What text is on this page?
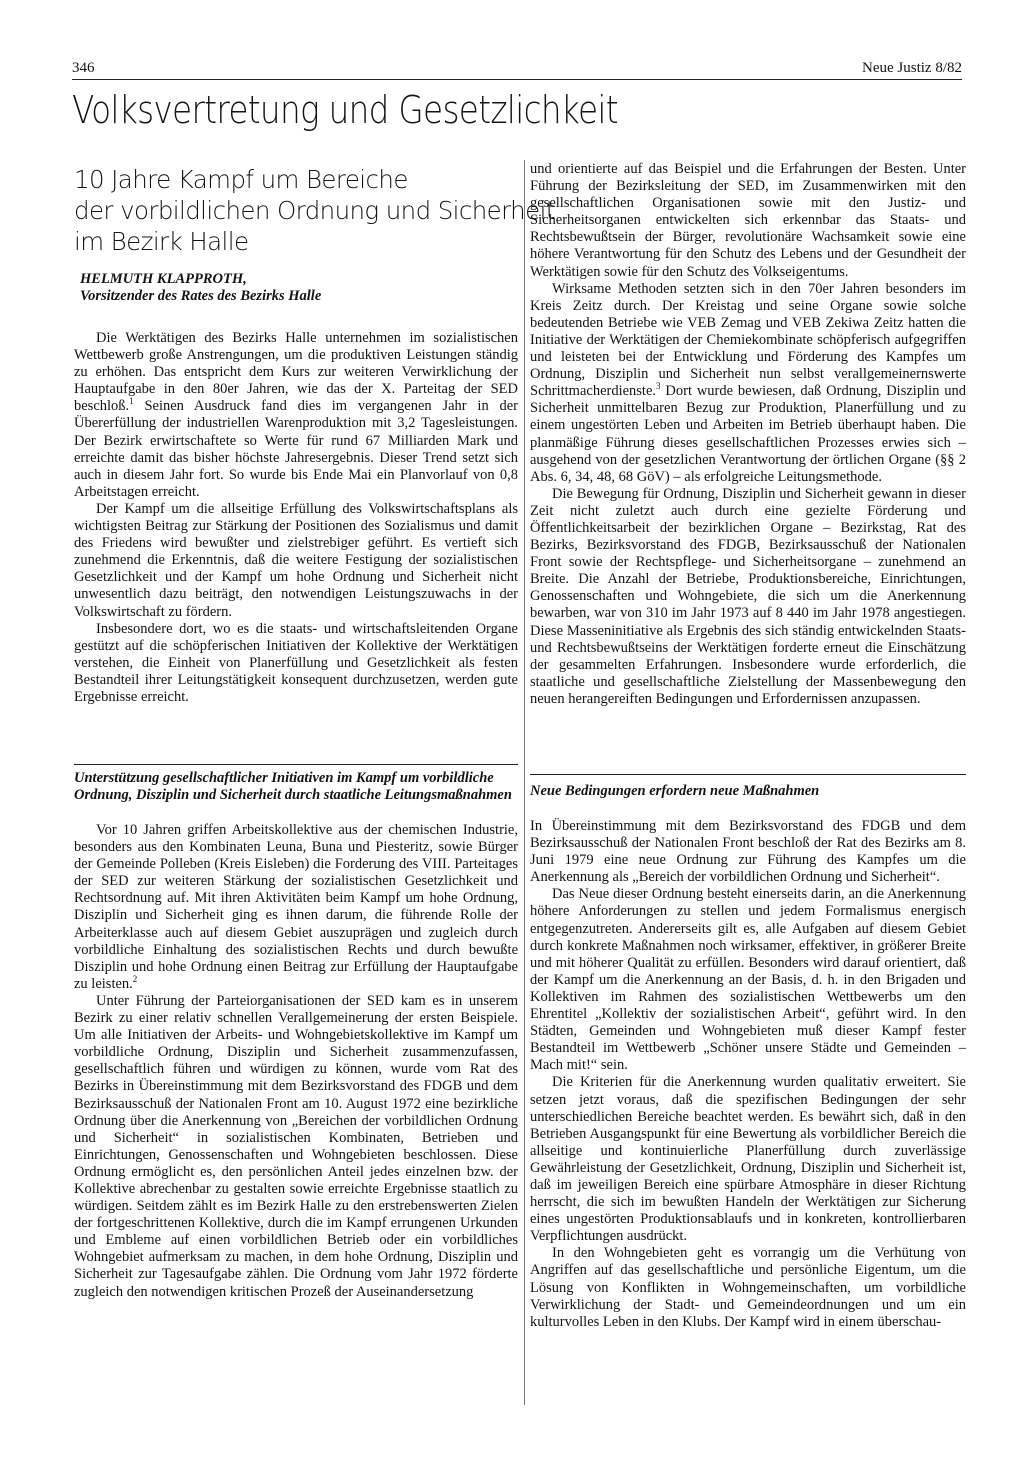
346	Neue Justiz 8/82
Volksvertretung und Gesetzlichkeit
10 Jahre Kampf um Bereiche
der vorbildlichen Ordnung und Sicherheit
im Bezirk Halle
HELMUTH KLAPPROTH,
Vorsitzender des Rates des Bezirks Halle

Die Werktätigen des Bezirks Halle unternehmen im sozialistischen Wettbewerb große Anstrengungen, um die produktiven Leistungen ständig zu erhöhen. Das entspricht dem Kurs zur weiteren Verwirklichung der Hauptaufgabe in den 80er Jahren, wie das der X. Parteitag der SED beschloß.$^1$ Seinen Ausdruck fand dies im vergangenen Jahr in der Übererfüllung der industriellen Warenproduktion mit 3,2 Tagesleistungen. Der Bezirk erwirtschaftete so Werte für rund 67 Milliarden Mark und erreichte damit das bisher höchste Jahresergebnis. Dieser Trend setzt sich auch in diesem Jahr fort. So wurde bis Ende Mai ein Planvorlauf von 0,8 Arbeitstagen erreicht.

Der Kampf um die allseitige Erfüllung des Volkswirtschaftsplans als wichtigsten Beitrag zur Stärkung der Positionen des Sozialismus und damit des Friedens wird bewußter und zielstrebiger geführt. Es vertieft sich zunehmend die Erkenntnis, daß die weitere Festigung der sozialistischen Gesetzlichkeit und der Kampf um hohe Ordnung und Sicherheit nicht unwesentlich dazu beiträgt, den notwendigen Leistungszuwachs in der Volkswirtschaft zu fördern.

Insbesondere dort, wo es die staats- und wirtschaftsleitenden Organe gestützt auf die schöpferischen Initiativen der Kollektive der Werktätigen verstehen, die Einheit von Planerfüllung und Gesetzlichkeit als festen Bestandteil ihrer Leitungstätigkeit konsequent durchzusetzen, werden gute Ergebnisse erreicht.

Unterstützung gesellschaftlicher Initiativen im Kampf um vorbildliche Ordnung, Disziplin und Sicherheit durch staatliche Leitungsmaßnahmen

Vor 10 Jahren griffen Arbeitskollektive aus der chemischen Industrie, besonders aus den Kombinaten Leuna, Buna und Piesteritz, sowie Bürger der Gemeinde Polleben (Kreis Eisleben) die Forderung des VIII. Parteitages der SED zur weiteren Stärkung der sozialistischen Gesetzlichkeit und Rechtsordnung auf. Mit ihren Aktivitäten beim Kampf um hohe Ordnung, Disziplin und Sicherheit ging es ihnen darum, die führende Rolle der Arbeiterklasse auch auf diesem Gebiet auszuprägen und zugleich durch vorbildliche Einhaltung des sozialistischen Rechts und durch bewußte Disziplin und hohe Ordnung einen Beitrag zur Erfüllung der Hauptaufgabe zu leisten.$^2$

Unter Führung der Parteiorganisationen der SED kam es in unserem Bezirk zu einer relativ schnellen Verallgemeinerung der ersten Beispiele. Um alle Initiativen der Arbeits- und Wohngebietskollektive im Kampf um vorbildliche Ordnung, Disziplin und Sicherheit zusammenzufassen, gesellschaftlich führen und würdigen zu können, wurde vom Rat des Bezirks in Übereinstimmung mit dem Bezirksvorstand des FDGB und dem Bezirksausschuß der Nationalen Front am 10. August 1972 eine bezirkliche Ordnung über die Anerkennung von „Bereichen der vorbildlichen Ordnung und Sicherheit“ in sozialistischen Kombinaten, Betrieben und Einrichtungen, Genossenschaften und Wohngebieten beschlossen. Diese Ordnung ermöglicht es, den persönlichen Anteil jedes einzelnen bzw. der Kollektive abrechenbar zu gestalten sowie erreichte Ergebnisse staatlich zu würdigen. Seitdem zählt es im Bezirk Halle zu den erstrebenswerten Zielen der fortgeschrittenen Kollektive, durch die im Kampf errungenen Urkunden und Embleme auf einen vorbildlichen Betrieb oder ein vorbildliches Wohngebiet aufmerksam zu machen, in dem hohe Ordnung, Disziplin und Sicherheit zur Tagesaufgabe zählen. Die Ordnung vom Jahr 1972 förderte zugleich den notwendigen kritischen Prozeß der Auseinandersetzung

und orientierte auf das Beispiel und die Erfahrungen der Besten. Unter Führung der Bezirksleitung der SED, im Zusammenwirken mit den gesellschaftlichen Organisationen sowie mit den Justiz- und Sicherheitsorganen entwickelten sich erkennbar das Staats- und Rechtsbewußtsein der Bürger, revolutionäre Wachsamkeit sowie eine höhere Verantwortung für den Schutz des Lebens und der Gesundheit der Werktätigen sowie für den Schutz des Volkseigentums.

Wirksame Methoden setzten sich in den 70er Jahren besonders im Kreis Zeitz durch. Der Kreistag und seine Organe sowie solche bedeutenden Betriebe wie VEB Zemag und VEB Zekiwa Zeitz hatten die Initiative der Werktätigen der Chemiekombinate schöpferisch aufgegriffen und leisteten bei der Entwicklung und Förderung des Kampfes um Ordnung, Disziplin und Sicherheit nun selbst verallgemeinernswerte Schrittmacherdienste.$^3$ Dort wurde bewiesen, daß Ordnung, Disziplin und Sicherheit unmittelbaren Bezug zur Produktion, Planerfüllung und zu einem ungestörten Leben und Arbeiten im Betrieb überhaupt haben. Die planmäßige Führung dieses gesellschaftlichen Prozesses erwies sich – ausgehend von der gesetzlichen Verantwortung der örtlichen Organe (§§ 2 Abs. 6, 34, 48, 68 GöV) – als erfolgreiche Leitungsmethode.

Die Bewegung für Ordnung, Disziplin und Sicherheit gewann in dieser Zeit nicht zuletzt auch durch eine gezielte Förderung und Öffentlichkeitsarbeit der bezirklichen Organe – Bezirkstag, Rat des Bezirks, Bezirksvorstand des FDGB, Bezirksausschuß der Nationalen Front sowie der Rechtspflege- und Sicherheitsorgane – zunehmend an Breite. Die Anzahl der Betriebe, Produktionsbereiche, Einrichtungen, Genossenschaften und Wohngebiete, die sich um die Anerkennung bewarben, war von 310 im Jahr 1973 auf 8 440 im Jahr 1978 angestiegen. Diese Masseninitiative als Ergebnis des sich ständig entwickelnden Staats- und Rechtsbewußtseins der Werktätigen forderte erneut die Einschätzung der gesammelten Erfahrungen. Insbesondere wurde erforderlich, die staatliche und gesellschaftliche Zielstellung der Massenbewegung den neuen herangereiften Bedingungen und Erfordernissen anzupassen.

Neue Bedingungen erfordern neue Maßnahmen

In Übereinstimmung mit dem Bezirksvorstand des FDGB und dem Bezirksausschuß der Nationalen Front beschloß der Rat des Bezirks am 8. Juni 1979 eine neue Ordnung zur Führung des Kampfes um die Anerkennung als „Bereich der vorbildlichen Ordnung und Sicherheit“.

Das Neue dieser Ordnung besteht einerseits darin, an die Anerkennung höhere Anforderungen zu stellen und jedem Formalismus energisch entgegenzutreten. Andererseits gilt es, alle Aufgaben auf diesem Gebiet durch konkrete Maßnahmen noch wirksamer, effektiver, in größerer Breite und mit höherer Qualität zu erfüllen. Besonders wird darauf orientiert, daß der Kampf um die Anerkennung an der Basis, d. h. in den Brigaden und Kollektiven im Rahmen des sozialistischen Wettbewerbs um den Ehrentitel „Kollektiv der sozialistischen Arbeit“, geführt wird. In den Städten, Gemeinden und Wohngebieten muß dieser Kampf fester Bestandteil im Wettbewerb „Schöner unsere Städte und Gemeinden – Mach mit!“ sein.

Die Kriterien für die Anerkennung wurden qualitativ erweitert. Sie setzen jetzt voraus, daß die spezifischen Bedingungen der sehr unterschiedlichen Bereiche beachtet werden. Es bewährt sich, daß in den Betrieben Ausgangspunkt für eine Bewertung als vorbildlicher Bereich die allseitige und kontinuierliche Planerfüllung durch zuverlässige Gewährleistung der Gesetzlichkeit, Ordnung, Disziplin und Sicherheit ist, daß im jeweiligen Bereich eine spürbare Atmosphäre in dieser Richtung herrscht, die sich im bewußten Handeln der Werktätigen zur Sicherung eines ungestörten Produktionsablaufs und in konkreten, kontrollierbaren Verpflichtungen ausdrückt.

In den Wohngebieten geht es vorrangig um die Verhütung von Angriffen auf das gesellschaftliche und persönliche Eigentum, um die Lösung von Konflikten in Wohngemeinschaften, um vorbildliche Verwirklichung der Stadt- und Gemeindeordnungen und um ein kulturvolles Leben in den Klubs. Der Kampf wird in einem überschau-
